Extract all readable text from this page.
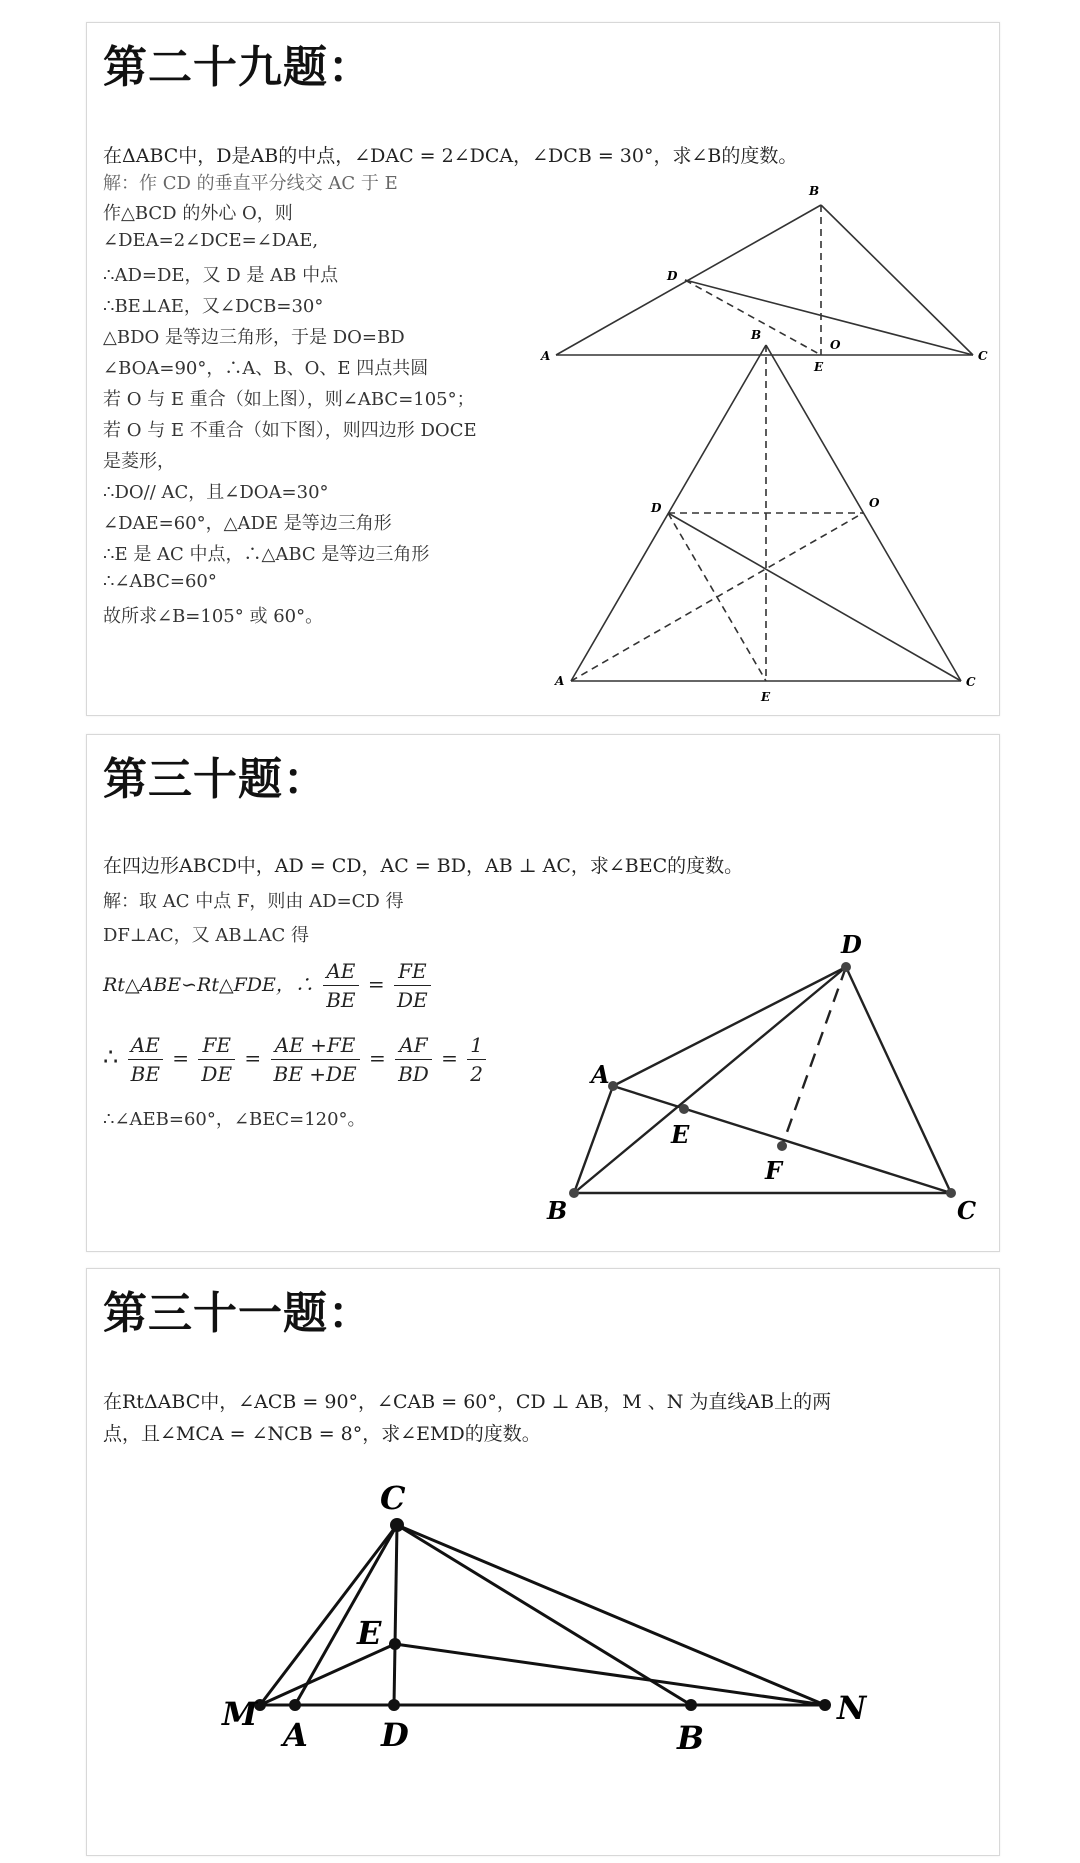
第二十九题：
在ΔABC中，D是AB的中点，∠DAC = 2∠DCA，∠DCB = 30°，求∠B的度数。
解：作 CD 的垂直平分线交 AC 于 E
作△BCD 的外心 O，则
∠DEA=2∠DCE=∠DAE,
∴AD=DE，又 D 是 AB 中点
∴BE⊥AE，又∠DCB=30°
△BDO 是等边三角形，于是 DO=BD
∠BOA=90°，∴A、B、O、E 四点共圆
若 O 与 E 重合（如上图），则∠ABC=105°；
若 O 与 E 不重合（如下图），则四边形 DOCE
是菱形，
∴DO// AC，且∠DOA=30°
∠DAE=60°，△ADE 是等边三角形
∴E 是 AC 中点，∴△ABC 是等边三角形
∴∠ABC=60°
故所求∠B=105° 或 60°。
A
B
C
D
O
E
A
B
C
D	O
E
第三十题：
在四边形ABCD中，AD = CD，AC = BD，AB ⊥ AC，求∠BEC的度数。
解：取 AC 中点 F，则由 AD=CD 得
DF⊥AC，又 AB⊥AC 得
Rt△ABE∽Rt△FDE，∴ $\frac{AE}{BE} = \frac{FE}{DE}$
∴ $\frac{AE}{BE} = \frac{FE}{DE} = \frac{AE +FE}{BE +DE} = \frac{AF}{BD} = \frac{1}{2}$
∴∠AEB=60°，∠BEC=120°。
A
B	C
D
E
F
第三十一题：
在RtΔABC中，∠ACB = 90°，∠CAB = 60°，CD ⊥ AB，M 、N 为直线AB上的两
点，且∠MCA = ∠NCB = 8°，求∠EMD的度数。
C
E
M
A D	B
N
